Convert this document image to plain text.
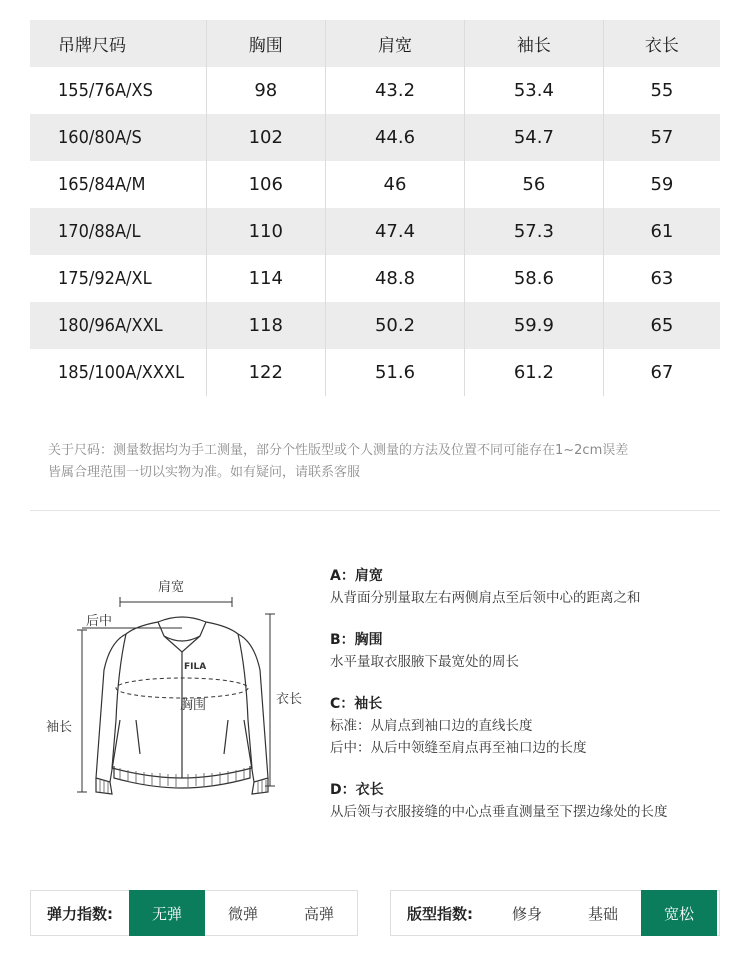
吊牌尺码	胸围	肩宽	袖长	衣长
155/76A/XS	98	43.2	53.4	55
160/80A/S	102	44.6	54.7	57
165/84A/M	106	46	56	59
170/88A/L	110	47.4	57.3	61
175/92A/XL	114	48.8	58.6	63
180/96A/XXL	118	50.2	59.9	65
185/100A/XXXL	122	51.6	61.2	67
关于尺码：测量数据均为手工测量，部分个性版型或个人测量的方法及位置不同可能存在1~2cm误差
皆属合理范围一切以实物为准。如有疑问，请联系客服
肩宽
后中
胸围
袖长
衣长
FILA
A：肩宽
从背面分别量取左右两侧肩点至后领中心的距离之和
B：胸围
水平量取衣服腋下最宽处的周长
C：袖长
标准：从肩点到袖口边的直线长度
后中：从后中领缝至肩点再至袖口边的长度
D：衣长
从后领与衣服接缝的中心点垂直测量至下摆边缘处的长度
弹力指数:	无弹	微弹	高弹	版型指数:	修身	基础	宽松
